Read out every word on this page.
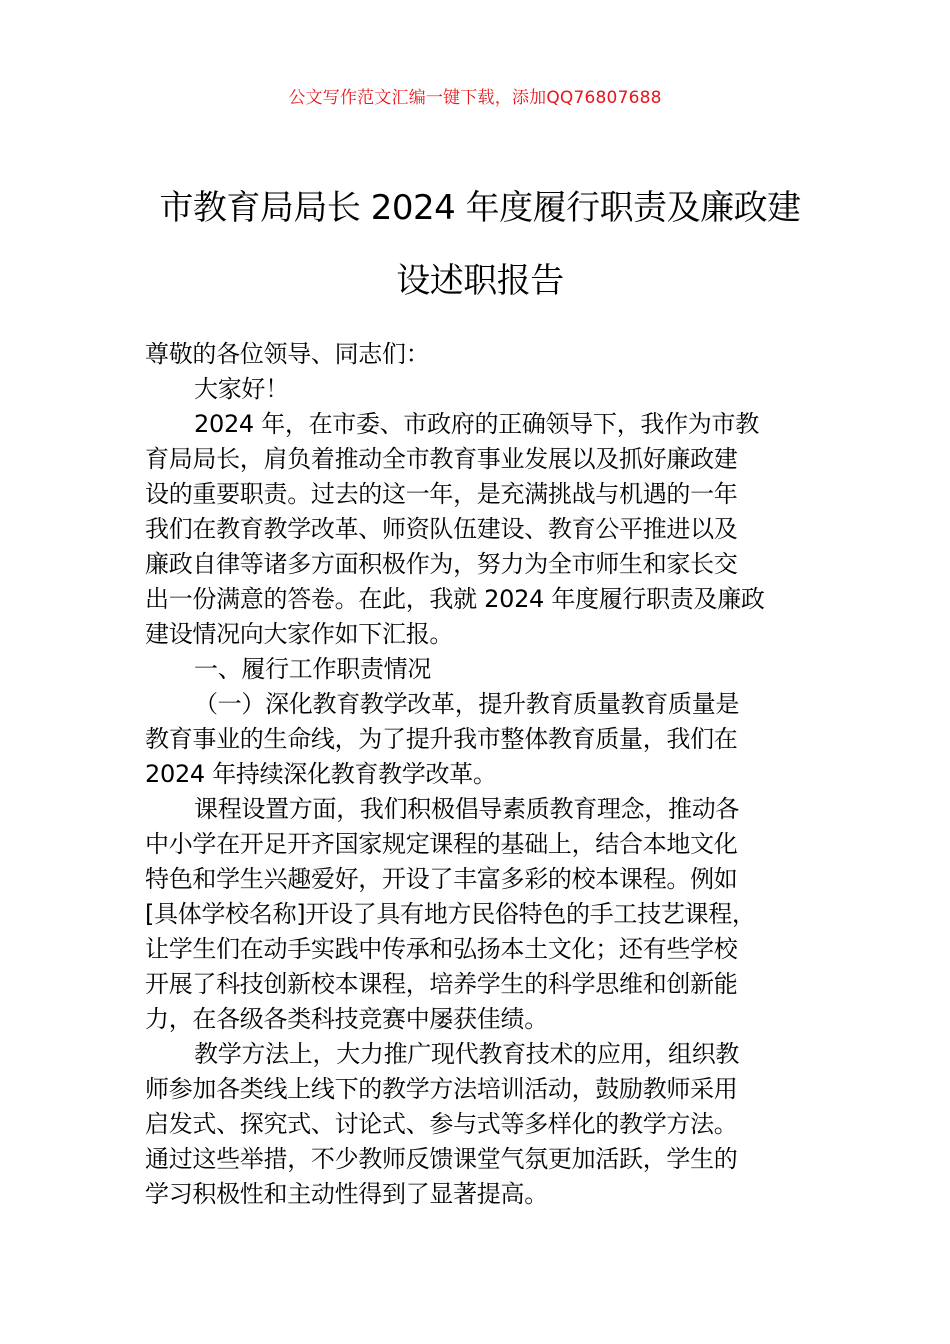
公文写作范文汇编一键下载，添加QQ76807688
市教育局局长 2024 年度履行职责及廉政建
设述职报告
尊敬的各位领导、同志们：
大家好！
2024 年，在市委、市政府的正确领导下，我作为市教
育局局长，肩负着推动全市教育事业发展以及抓好廉政建
设的重要职责。过去的这一年，是充满挑战与机遇的一年
我们在教育教学改革、师资队伍建设、教育公平推进以及
廉政自律等诸多方面积极作为，努力为全市师生和家长交
出一份满意的答卷。在此，我就 2024 年度履行职责及廉政
建设情况向大家作如下汇报。
一、履行工作职责情况
（一）深化教育教学改革，提升教育质量教育质量是
教育事业的生命线，为了提升我市整体教育质量，我们在
2024 年持续深化教育教学改革。
课程设置方面，我们积极倡导素质教育理念，推动各
中小学在开足开齐国家规定课程的基础上，结合本地文化
特色和学生兴趣爱好，开设了丰富多彩的校本课程。例如
[具体学校名称]开设了具有地方民俗特色的手工技艺课程，
让学生们在动手实践中传承和弘扬本土文化；还有些学校
开展了科技创新校本课程，培养学生的科学思维和创新能
力，在各级各类科技竞赛中屡获佳绩。
教学方法上，大力推广现代教育技术的应用，组织教
师参加各类线上线下的教学方法培训活动，鼓励教师采用
启发式、探究式、讨论式、参与式等多样化的教学方法。
通过这些举措，不少教师反馈课堂气氛更加活跃，学生的
学习积极性和主动性得到了显著提高。
